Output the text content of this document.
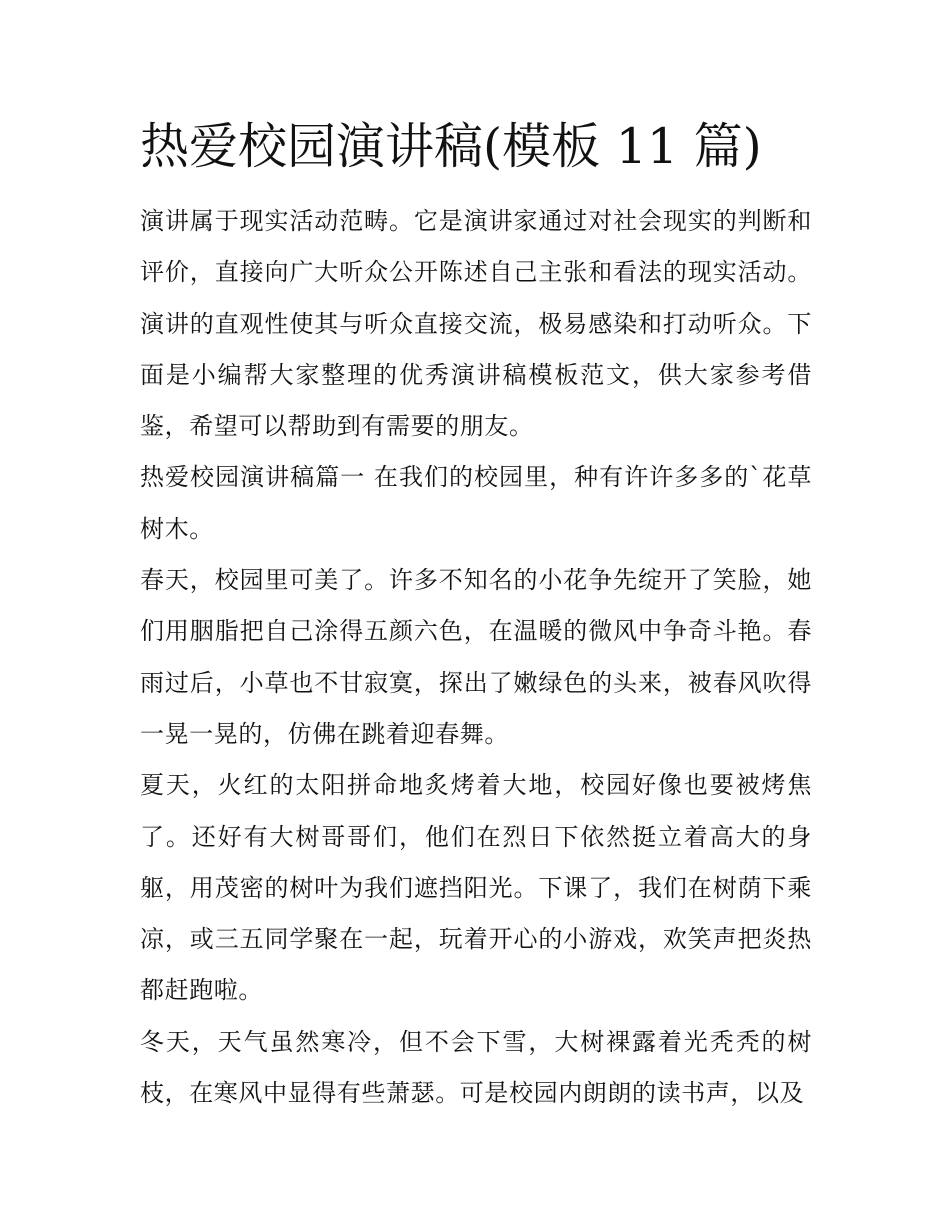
热爱校园演讲稿(模板 11 篇)

演讲属于现实活动范畴。它是演讲家通过对社会现实的判断和评价，直接向广大听众公开陈述自己主张和看法的现实活动。演讲的直观性使其与听众直接交流，极易感染和打动听众。下面是小编帮大家整理的优秀演讲稿模板范文，供大家参考借鉴，希望可以帮助到有需要的朋友。

热爱校园演讲稿篇一 在我们的校园里，种有许许多多的`花草树木。

春天，校园里可美了。许多不知名的小花争先绽开了笑脸，她们用胭脂把自己涂得五颜六色，在温暖的微风中争奇斗艳。春雨过后，小草也不甘寂寞，探出了嫩绿色的头来，被春风吹得一晃一晃的，仿佛在跳着迎春舞。

夏天，火红的太阳拼命地炙烤着大地，校园好像也要被烤焦了。还好有大树哥哥们，他们在烈日下依然挺立着高大的身躯，用茂密的树叶为我们遮挡阳光。下课了，我们在树荫下乘凉，或三五同学聚在一起，玩着开心的小游戏，欢笑声把炎热都赶跑啦。

冬天，天气虽然寒冷，但不会下雪，大树裸露着光秃秃的树枝，在寒风中显得有些萧瑟。可是校园内朗朗的读书声，以及
